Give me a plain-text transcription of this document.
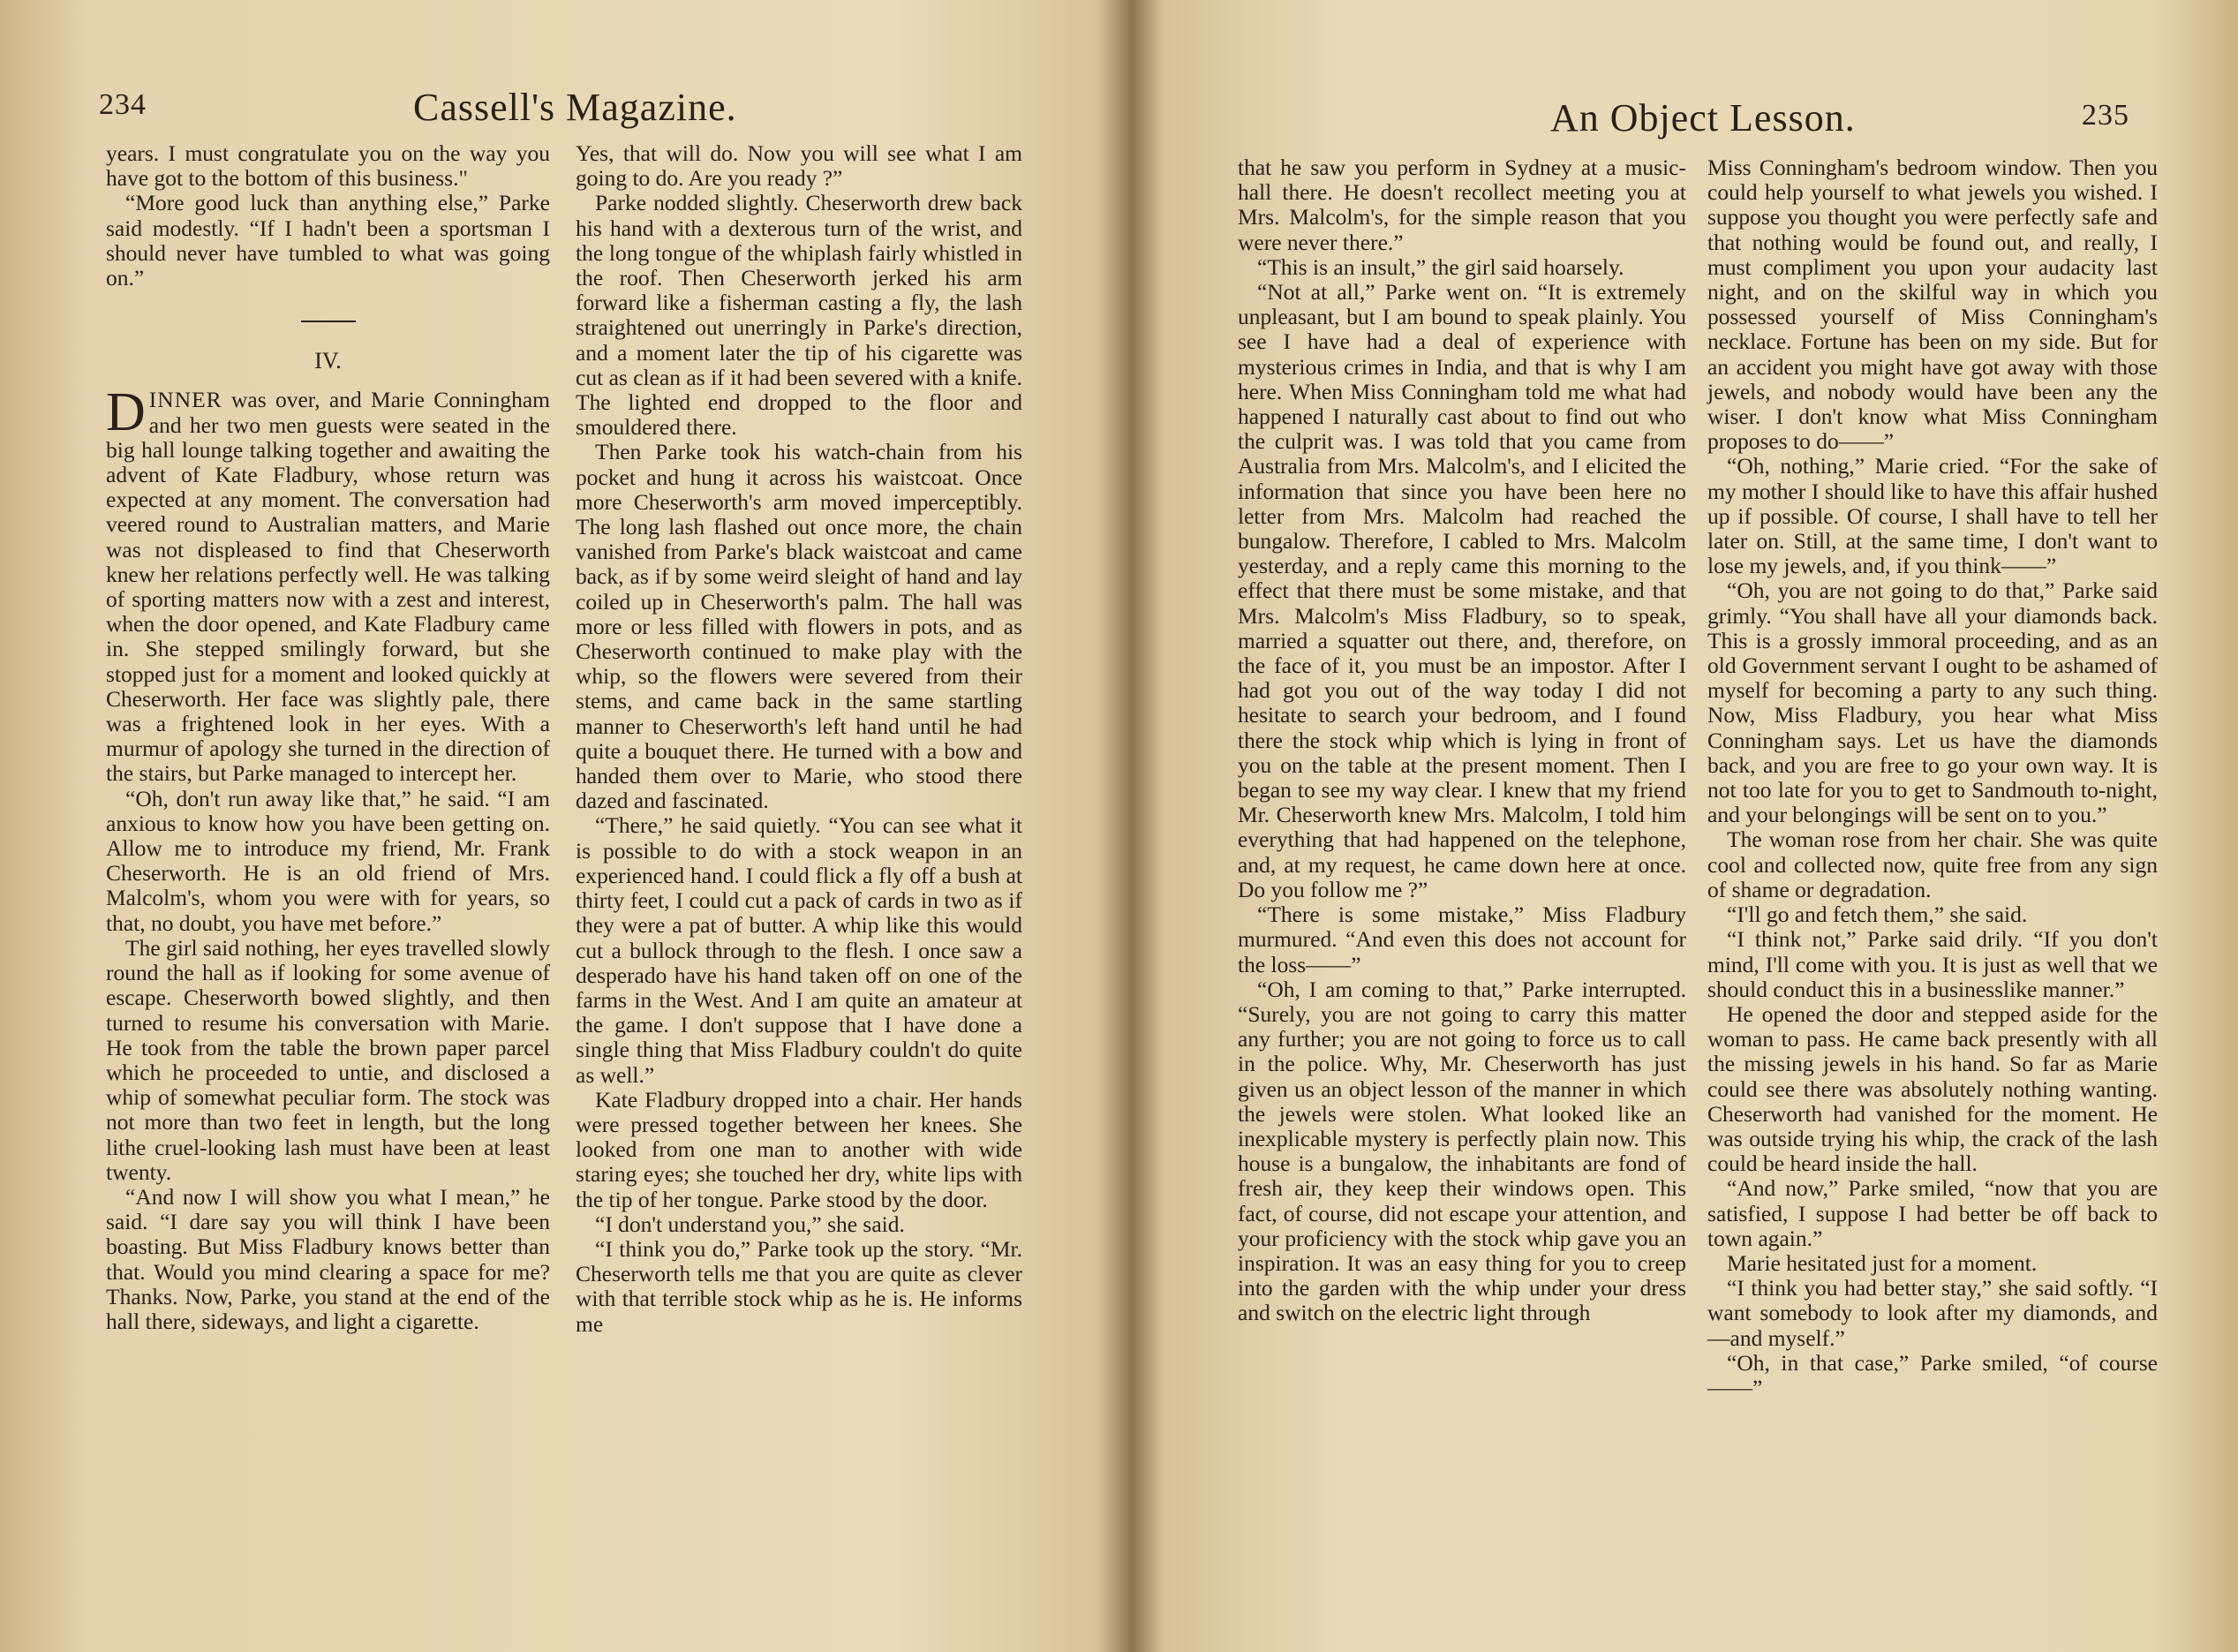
234	Cassell's Magazine.

years. I must congratulate you on the way you have got to the bottom of this business."

“More good luck than anything else,” Parke said modestly. “If I hadn't been a sportsman I should never have tumbled to what was going on.”

IV.

DINNER was over, and Marie Conningham and her two men guests were seated in the big hall lounge talking together and awaiting the advent of Kate Fladbury, whose return was expected at any moment. The conversation had veered round to Australian matters, and Marie was not displeased to find that Cheserworth knew her relations perfectly well. He was talking of sporting matters now with a zest and interest, when the door opened, and Kate Fladbury came in. She stepped smilingly forward, but she stopped just for a moment and looked quickly at Cheserworth. Her face was slightly pale, there was a frightened look in her eyes. With a murmur of apology she turned in the direction of the stairs, but Parke managed to intercept her.

“Oh, don't run away like that,” he said. “I am anxious to know how you have been getting on. Allow me to introduce my friend, Mr. Frank Cheserworth. He is an old friend of Mrs. Malcolm's, whom you were with for years, so that, no doubt, you have met before.”

The girl said nothing, her eyes travelled slowly round the hall as if looking for some avenue of escape. Cheserworth bowed slightly, and then turned to resume his conversation with Marie. He took from the table the brown paper parcel which he proceeded to untie, and disclosed a whip of somewhat peculiar form. The stock was not more than two feet in length, but the long lithe cruel-looking lash must have been at least twenty.

“And now I will show you what I mean,” he said. “I dare say you will think I have been boasting. But Miss Fladbury knows better than that. Would you mind clearing a space for me? Thanks. Now, Parke, you stand at the end of the hall there, sideways, and light a cigarette.

Yes, that will do. Now you will see what I am going to do. Are you ready ?”

Parke nodded slightly. Cheserworth drew back his hand with a dexterous turn of the wrist, and the long tongue of the whiplash fairly whistled in the roof. Then Cheserworth jerked his arm forward like a fisherman casting a fly, the lash straightened out unerringly in Parke's direction, and a moment later the tip of his cigarette was cut as clean as if it had been severed with a knife. The lighted end dropped to the floor and smouldered there.

Then Parke took his watch-chain from his pocket and hung it across his waistcoat. Once more Cheserworth's arm moved imperceptibly. The long lash flashed out once more, the chain vanished from Parke's black waistcoat and came back, as if by some weird sleight of hand and lay coiled up in Cheserworth's palm. The hall was more or less filled with flowers in pots, and as Cheserworth continued to make play with the whip, so the flowers were severed from their stems, and came back in the same startling manner to Cheserworth's left hand until he had quite a bouquet there. He turned with a bow and handed them over to Marie, who stood there dazed and fascinated.

“There,” he said quietly. “You can see what it is possible to do with a stock weapon in an experienced hand. I could flick a fly off a bush at thirty feet, I could cut a pack of cards in two as if they were a pat of butter. A whip like this would cut a bullock through to the flesh. I once saw a desperado have his hand taken off on one of the farms in the West. And I am quite an amateur at the game. I don't suppose that I have done a single thing that Miss Fladbury couldn't do quite as well.”

Kate Fladbury dropped into a chair. Her hands were pressed together between her knees. She looked from one man to another with wide staring eyes; she touched her dry, white lips with the tip of her tongue. Parke stood by the door.

“I don't understand you,” she said.

“I think you do,” Parke took up the story. “Mr. Cheserworth tells me that you are quite as clever with that terrible stock whip as he is. He informs me

An Object Lesson.	235

that he saw you perform in Sydney at a music-hall there. He doesn't recollect meeting you at Mrs. Malcolm's, for the simple reason that you were never there.”

“This is an insult,” the girl said hoarsely.

“Not at all,” Parke went on. “It is extremely unpleasant, but I am bound to speak plainly. You see I have had a deal of experience with mysterious crimes in India, and that is why I am here. When Miss Conningham told me what had happened I naturally cast about to find out who the culprit was. I was told that you came from Australia from Mrs. Malcolm's, and I elicited the information that since you have been here no letter from Mrs. Malcolm had reached the bungalow. Therefore, I cabled to Mrs. Malcolm yesterday, and a reply came this morning to the effect that there must be some mistake, and that Mrs. Malcolm's Miss Fladbury, so to speak, married a squatter out there, and, therefore, on the face of it, you must be an impostor. After I had got you out of the way today I did not hesitate to search your bedroom, and I found there the stock whip which is lying in front of you on the table at the present moment. Then I began to see my way clear. I knew that my friend Mr. Cheserworth knew Mrs. Malcolm, I told him everything that had happened on the telephone, and, at my request, he came down here at once. Do you follow me ?”

“There is some mistake,” Miss Fladbury murmured. “And even this does not account for the loss——”

“Oh, I am coming to that,” Parke interrupted. “Surely, you are not going to carry this matter any further; you are not going to force us to call in the police. Why, Mr. Cheserworth has just given us an object lesson of the manner in which the jewels were stolen. What looked like an inexplicable mystery is perfectly plain now. This house is a bungalow, the inhabitants are fond of fresh air, they keep their windows open. This fact, of course, did not escape your attention, and your proficiency with the stock whip gave you an inspiration. It was an easy thing for you to creep into the garden with the whip under your dress and switch on the electric light through

Miss Conningham's bedroom window. Then you could help yourself to what jewels you wished. I suppose you thought you were perfectly safe and that nothing would be found out, and really, I must compliment you upon your audacity last night, and on the skilful way in which you possessed yourself of Miss Conningham's necklace. Fortune has been on my side. But for an accident you might have got away with those jewels, and nobody would have been any the wiser. I don't know what Miss Conningham proposes to do——”

“Oh, nothing,” Marie cried. “For the sake of my mother I should like to have this affair hushed up if possible. Of course, I shall have to tell her later on. Still, at the same time, I don't want to lose my jewels, and, if you think——”

“Oh, you are not going to do that,” Parke said grimly. “You shall have all your diamonds back. This is a grossly immoral proceeding, and as an old Government servant I ought to be ashamed of myself for becoming a party to any such thing. Now, Miss Fladbury, you hear what Miss Conningham says. Let us have the diamonds back, and you are free to go your own way. It is not too late for you to get to Sandmouth to-night, and your belongings will be sent on to you.”

The woman rose from her chair. She was quite cool and collected now, quite free from any sign of shame or degradation.

“I'll go and fetch them,” she said.

“I think not,” Parke said drily. “If you don't mind, I'll come with you. It is just as well that we should conduct this in a businesslike manner.”

He opened the door and stepped aside for the woman to pass. He came back presently with all the missing jewels in his hand. So far as Marie could see there was absolutely nothing wanting. Cheserworth had vanished for the moment. He was outside trying his whip, the crack of the lash could be heard inside the hall.

“And now,” Parke smiled, “now that you are satisfied, I suppose I had better be off back to town again.”

Marie hesitated just for a moment.

“I think you had better stay,” she said softly. “I want somebody to look after my diamonds, and—and myself.”

“Oh, in that case,” Parke smiled, “of course——”
